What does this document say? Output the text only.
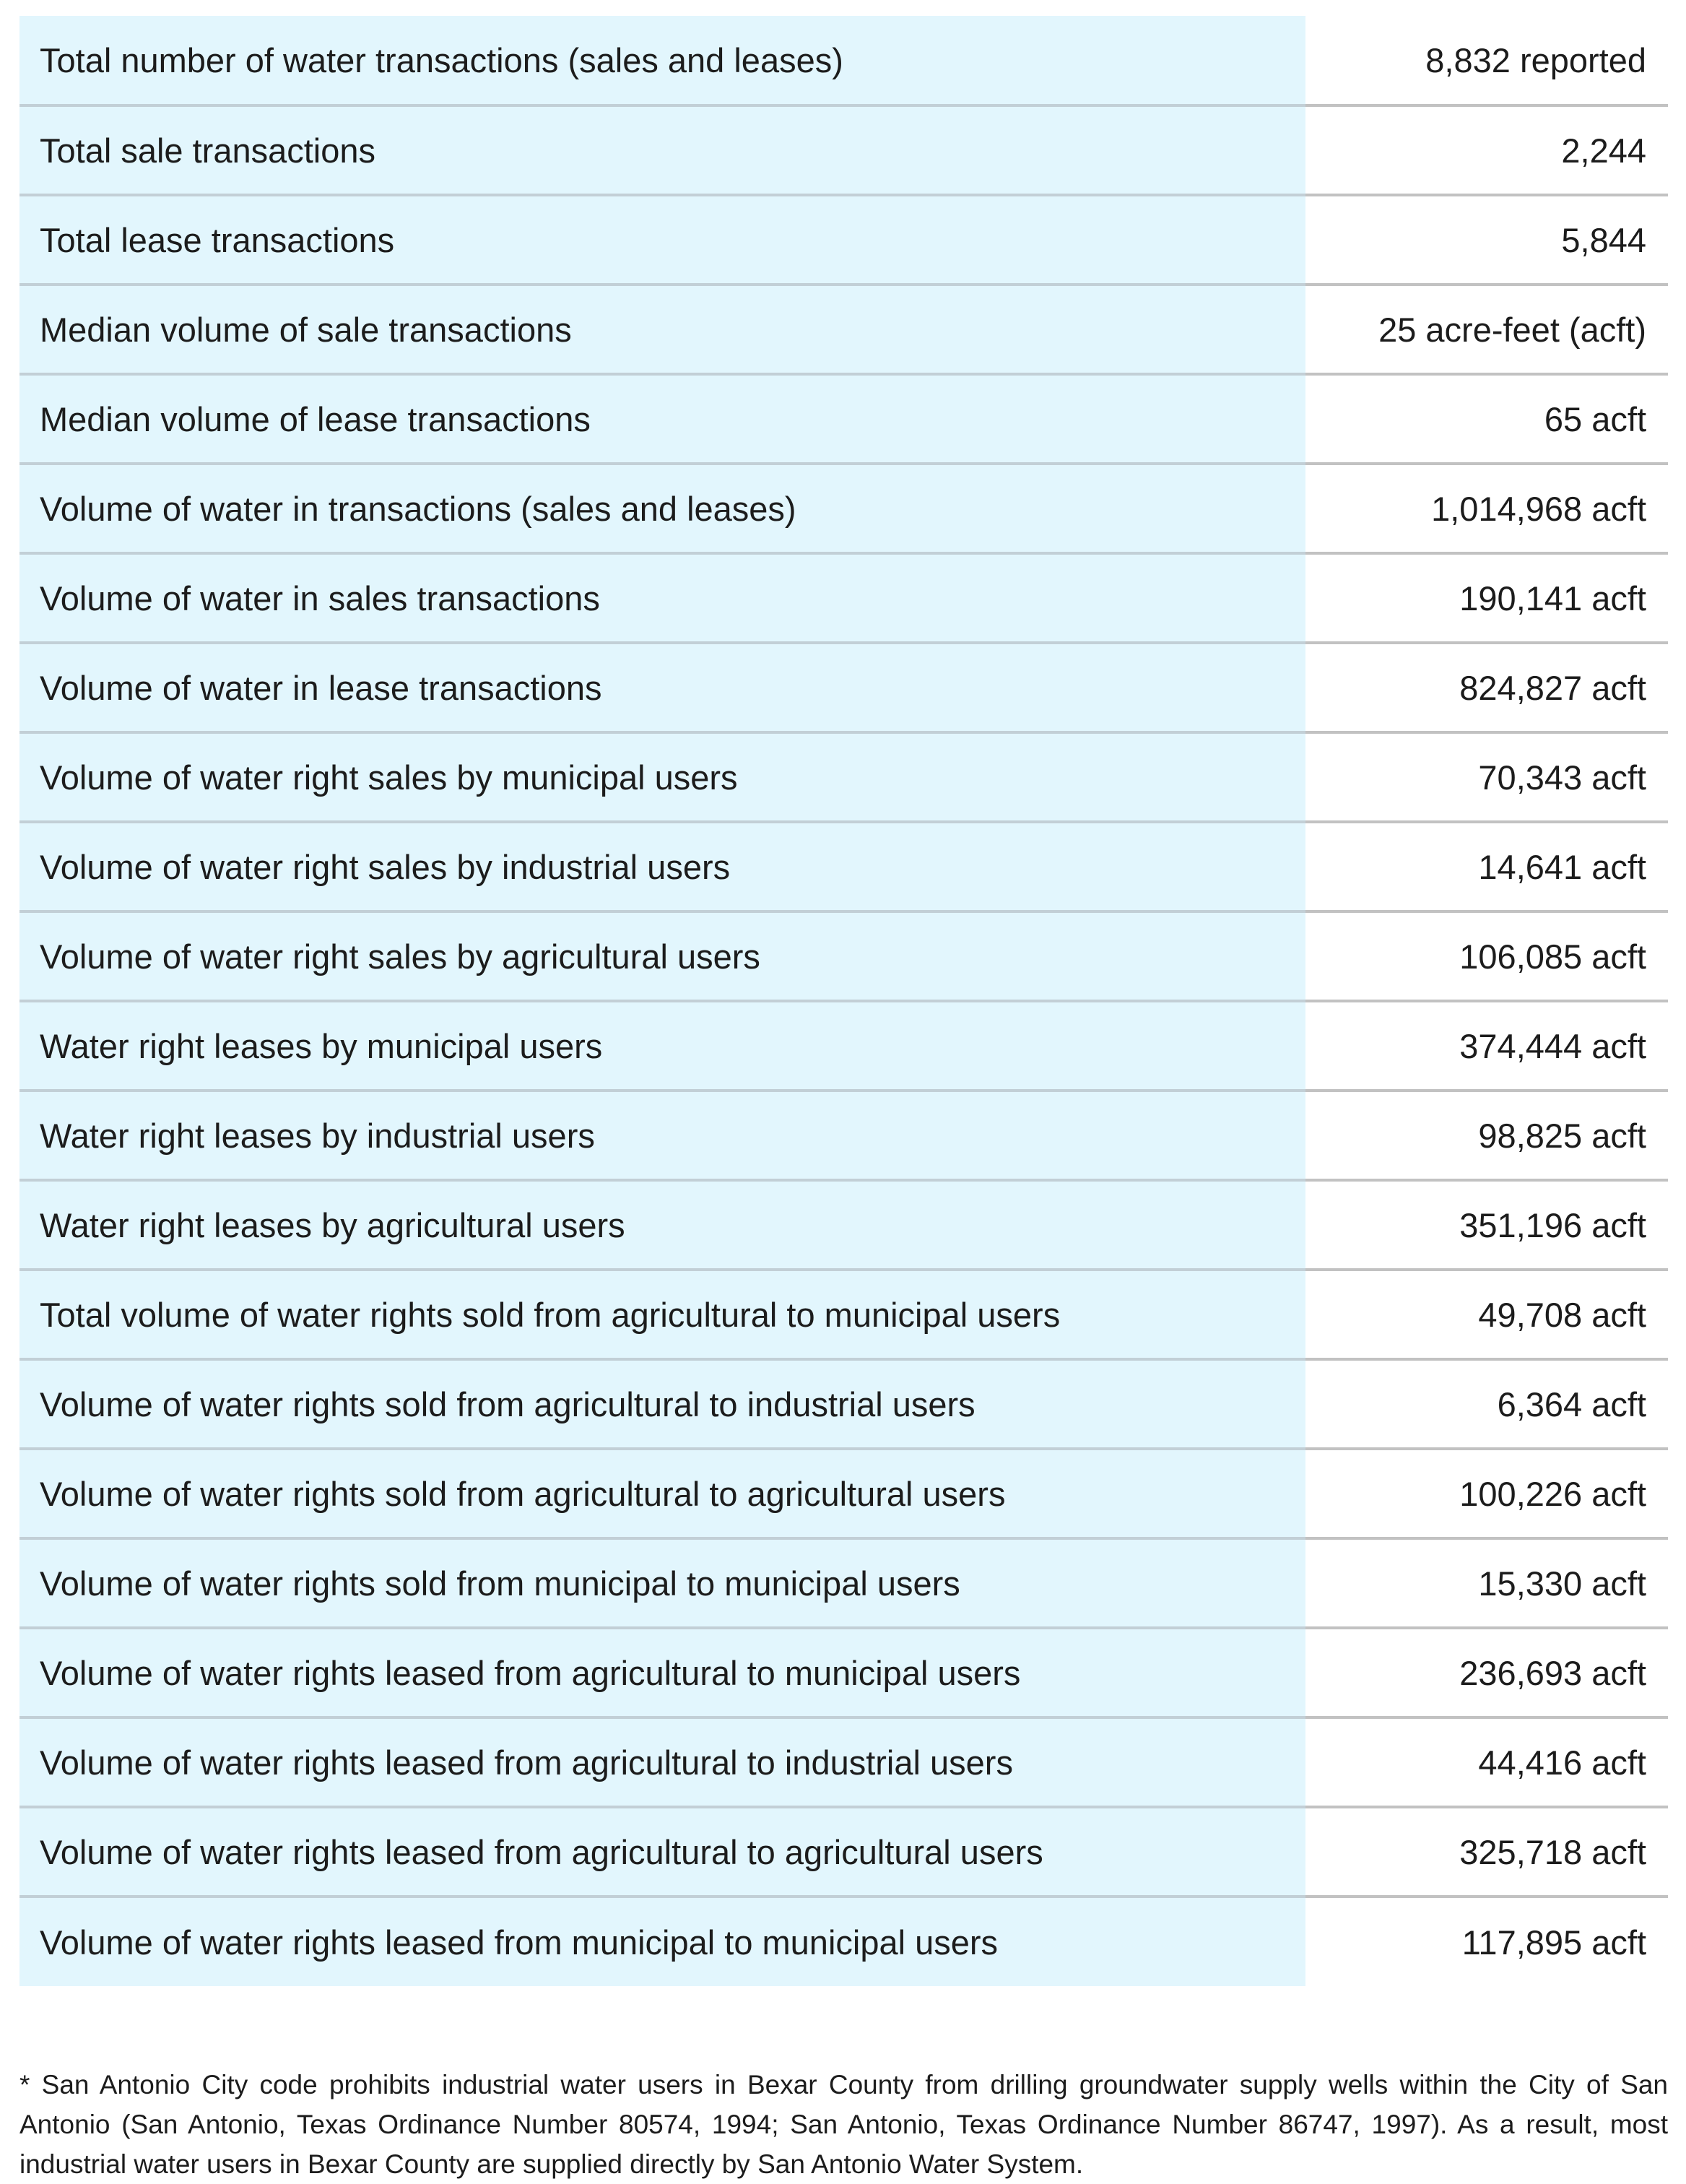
Total number of water transactions (sales and leases)	8,832 reported
Total sale transactions	2,244
Total lease transactions	5,844
Median volume of sale transactions	25 acre-feet (acft)
Median volume of lease transactions	65 acft
Volume of water in transactions (sales and leases)	1,014,968 acft
Volume of water in sales transactions	190,141 acft
Volume of water in lease transactions	824,827 acft
Volume of water right sales by municipal users	70,343 acft
Volume of water right sales by industrial users	14,641 acft
Volume of water right sales by agricultural users	106,085 acft
Water right leases by municipal users	374,444 acft
Water right leases by industrial users	98,825 acft
Water right leases by agricultural users	351,196 acft
Total volume of water rights sold from agricultural to municipal users	49,708 acft
Volume of water rights sold from agricultural to industrial users	6,364 acft
Volume of water rights sold from agricultural to agricultural users	100,226 acft
Volume of water rights sold from municipal to municipal users	15,330 acft
Volume of water rights leased from agricultural to municipal users	236,693 acft
Volume of water rights leased from agricultural to industrial users	44,416 acft
Volume of water rights leased from agricultural to agricultural users	325,718 acft
Volume of water rights leased from municipal to municipal users	117,895 acft

* San Antonio City code prohibits industrial water users in Bexar County from drilling groundwater supply wells within the City of San Antonio (San Antonio, Texas Ordinance Number 80574, 1994; San Antonio, Texas Ordinance Number 86747, 1997). As a result, most industrial water users in Bexar County are supplied directly by San Antonio Water System.
